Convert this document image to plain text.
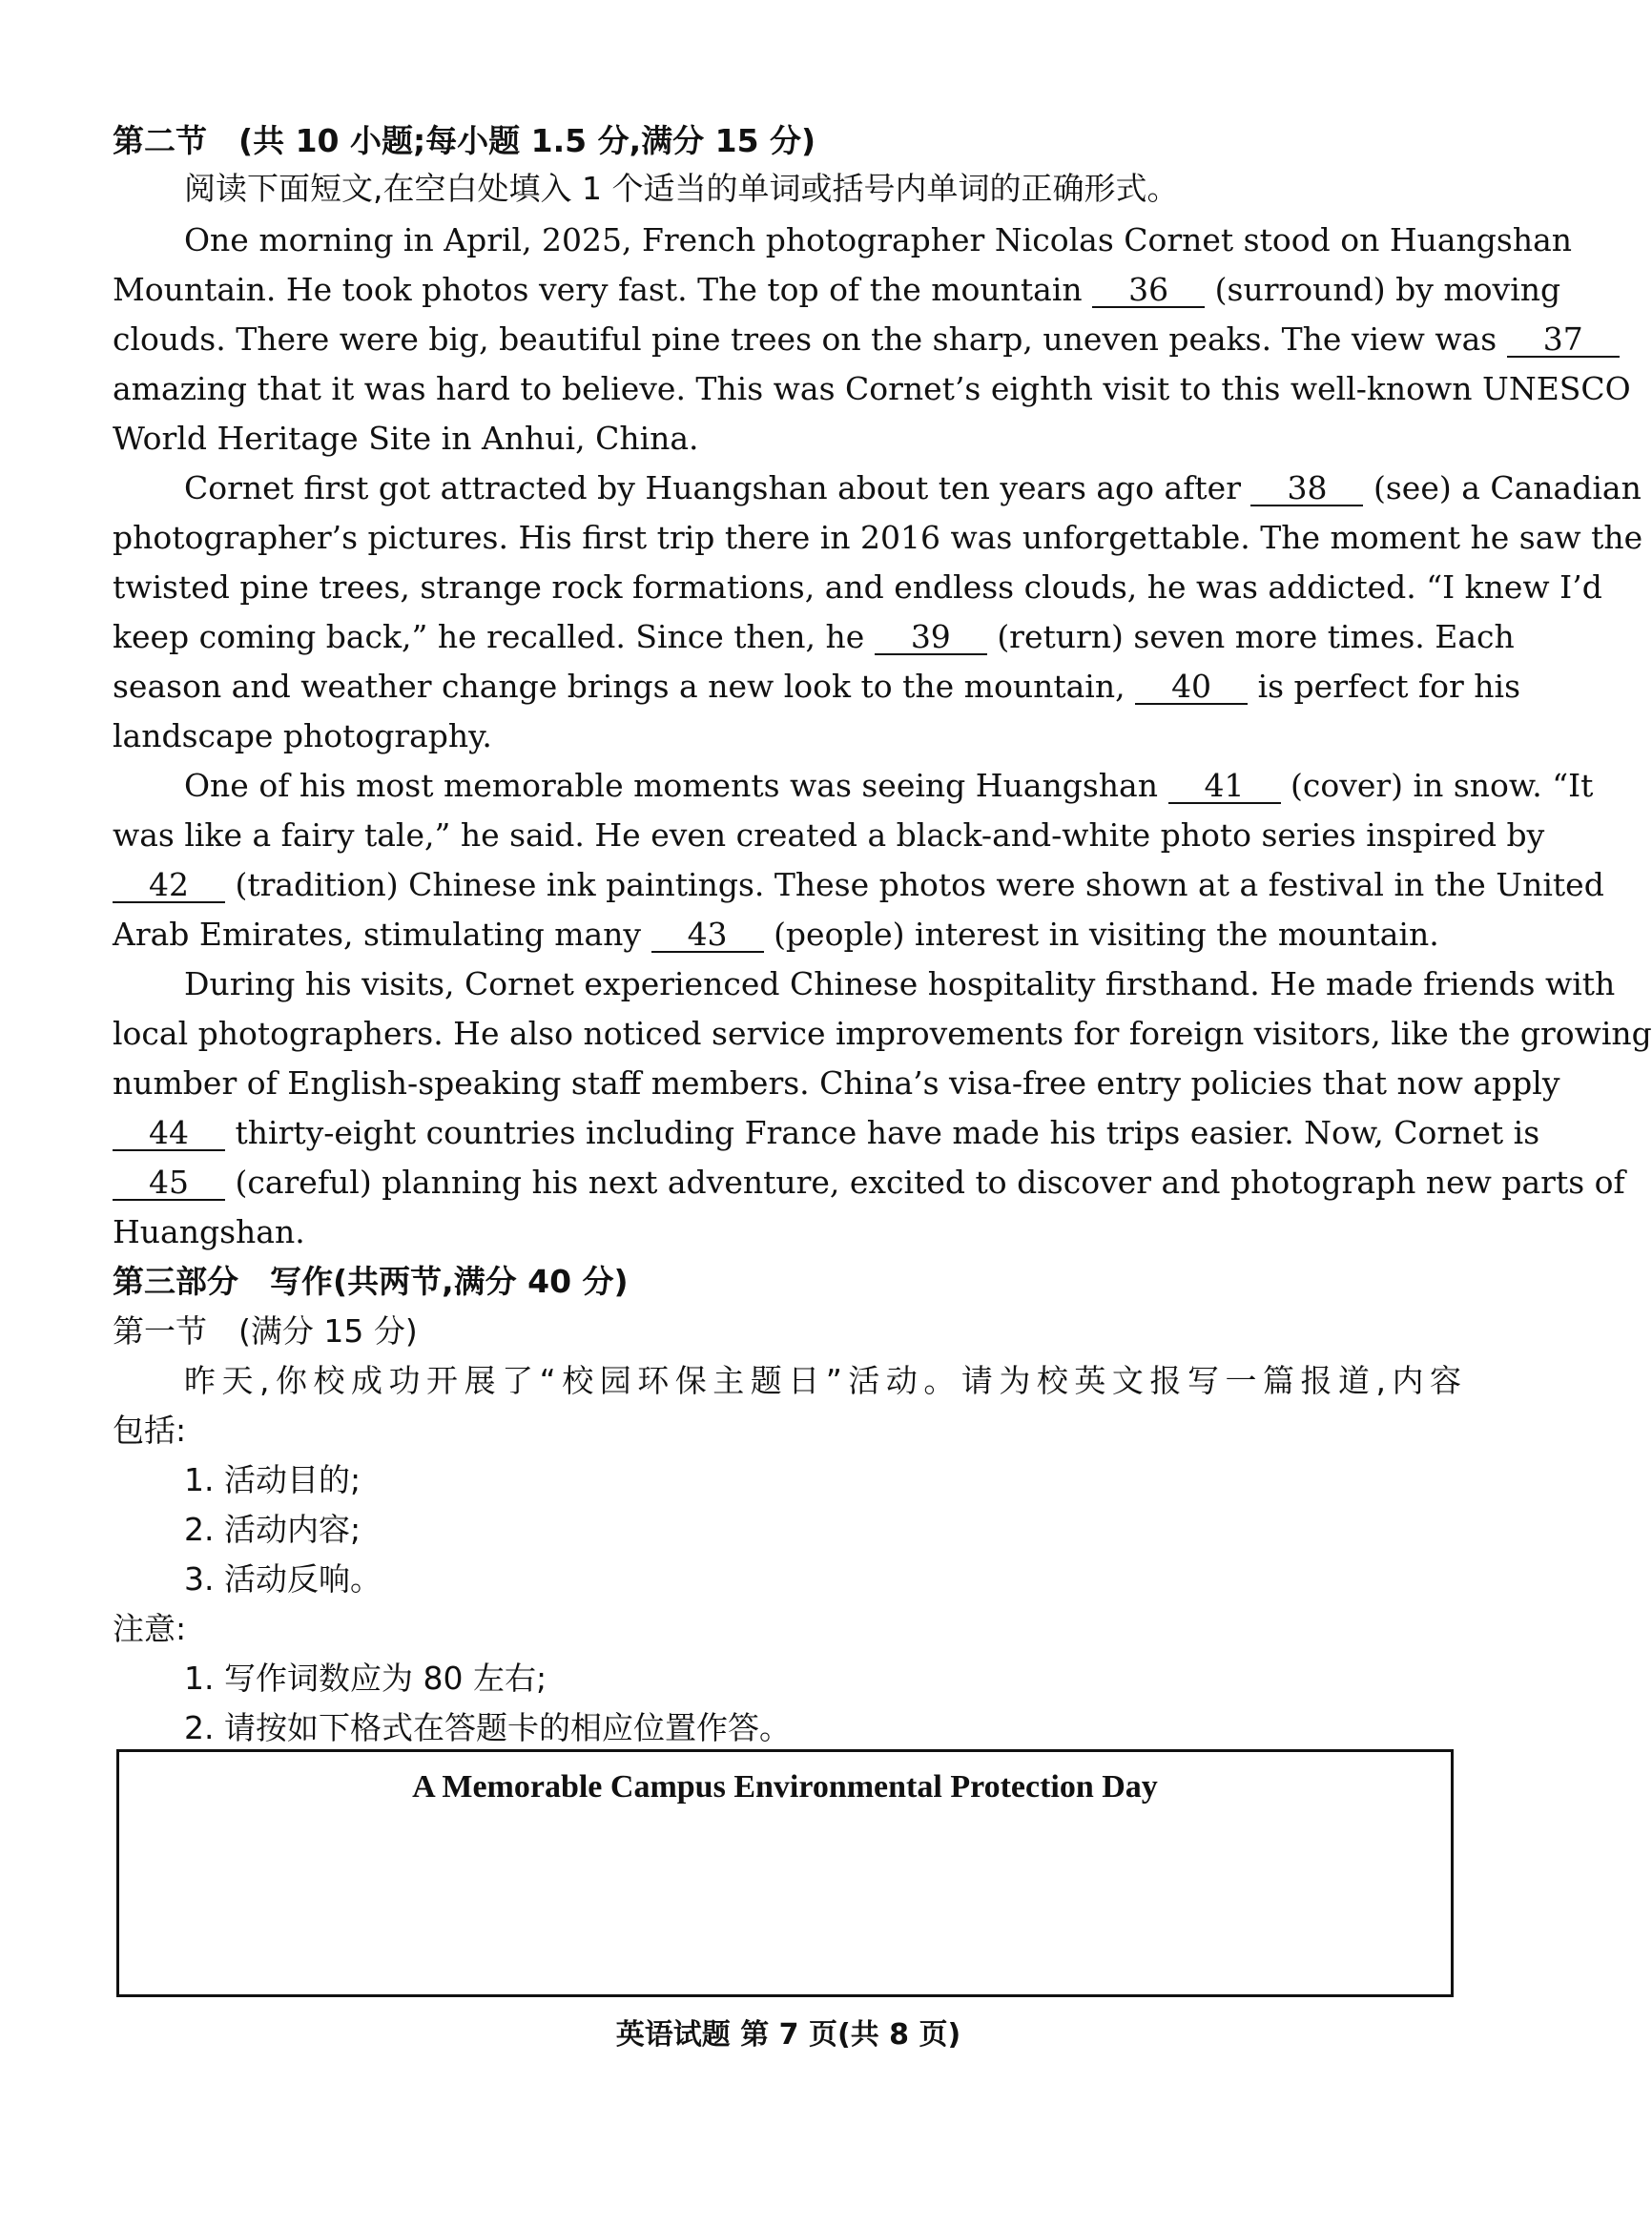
第二节　(共 10 小题;每小题 1.5 分,满分 15 分)
阅读下面短文,在空白处填入 1 个适当的单词或括号内单词的正确形式。
One morning in April, 2025, French photographer Nicolas Cornet stood on Huangshan
Mountain. He took photos very fast. The top of the mountain 36 (surround) by moving
clouds. There were big, beautiful pine trees on the sharp, uneven peaks. The view was 37
amazing that it was hard to believe. This was Cornet’s eighth visit to this well-known UNESCO
World Heritage Site in Anhui, China.
Cornet first got attracted by Huangshan about ten years ago after 38 (see) a Canadian
photographer’s pictures. His first trip there in 2016 was unforgettable. The moment he saw the
twisted pine trees, strange rock formations, and endless clouds, he was addicted. “I knew I’d
keep coming back,” he recalled. Since then, he 39 (return) seven more times. Each
season and weather change brings a new look to the mountain, 40 is perfect for his
landscape photography.
One of his most memorable moments was seeing Huangshan 41 (cover) in snow. “It
was like a fairy tale,” he said. He even created a black-and-white photo series inspired by
42 (tradition) Chinese ink paintings. These photos were shown at a festival in the United
Arab Emirates, stimulating many 43 (people) interest in visiting the mountain.
During his visits, Cornet experienced Chinese hospitality firsthand. He made friends with
local photographers. He also noticed service improvements for foreign visitors, like the growing
number of English-speaking staff members. China’s visa-free entry policies that now apply
44 thirty-eight countries including France have made his trips easier. Now, Cornet is
45 (careful) planning his next adventure, excited to discover and photograph new parts of
Huangshan.
第三部分　写作(共两节,满分 40 分)
第一节　(满分 15 分)
昨天,你校成功开展了“校园环保主题日”活动。请为校英文报写一篇报道,内容
包括:
1. 活动目的;
2. 活动内容;
3. 活动反响。
注意:
1. 写作词数应为 80 左右;
2. 请按如下格式在答题卡的相应位置作答。
A Memorable Campus Environmental Protection Day
英语试题 第 7 页(共 8 页)
